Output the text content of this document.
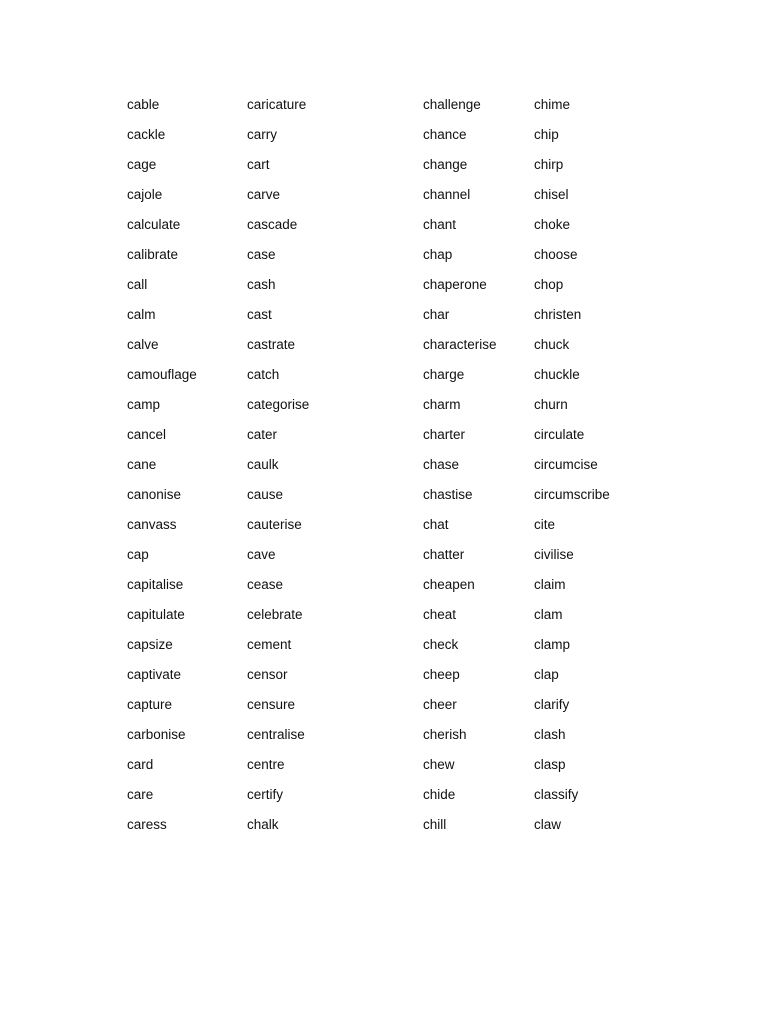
cable
cackle
cage
cajole
calculate
calibrate
call
calm
calve
camouflage
camp
cancel
cane
canonise
canvass
cap
capitalise
capitulate
capsize
captivate
capture
carbonise
card
care
caress
caricature
carry
cart
carve
cascade
case
cash
cast
castrate
catch
categorise
cater
caulk
cause
cauterise
cave
cease
celebrate
cement
censor
censure
centralise
centre
certify
chalk
challenge
chance
change
channel
chant
chap
chaperone
char
characterise
charge
charm
charter
chase
chastise
chat
chatter
cheapen
cheat
check
cheep
cheer
cherish
chew
chide
chill
chime
chip
chirp
chisel
choke
choose
chop
christen
chuck
chuckle
churn
circulate
circumcise
circumscribe
cite
civilise
claim
clam
clamp
clap
clarify
clash
clasp
classify
claw
